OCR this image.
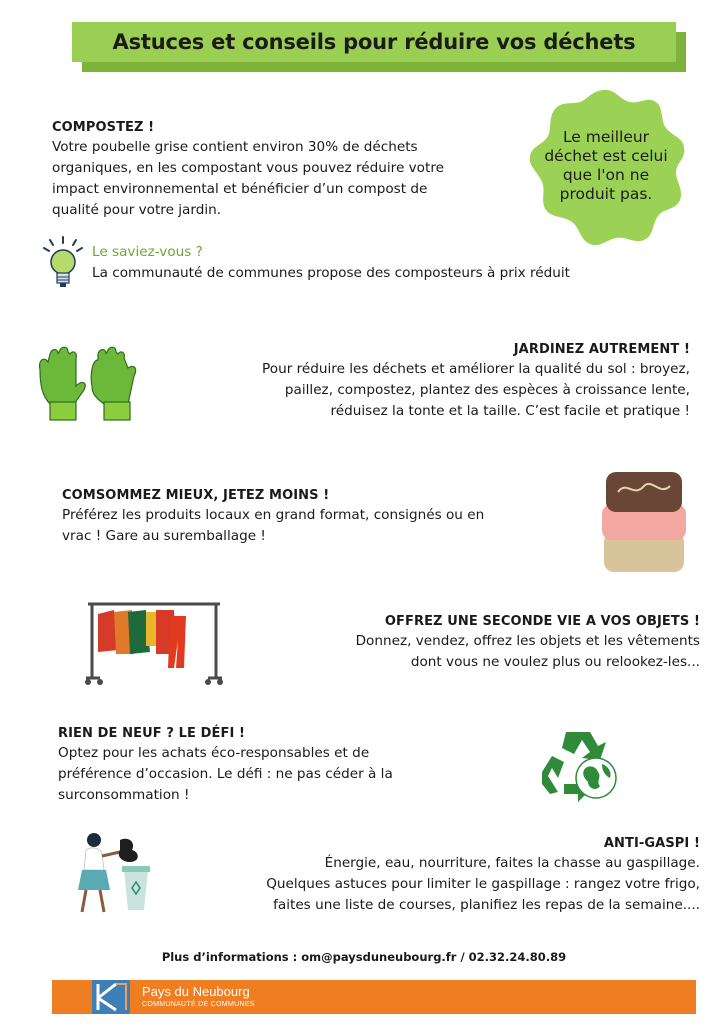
Astuces et conseils pour réduire vos déchets
Le meilleur
déchet est celui
que l'on ne
produit pas.
COMPOSTEZ !
Votre poubelle grise contient environ 30% de déchets
organiques, en les compostant vous pouvez réduire votre
impact environnemental et bénéficier d’un compost de
qualité pour votre jardin.
Le saviez-vous ?
La communauté de communes propose des composteurs à prix réduit
JARDINEZ AUTREMENT !
Pour réduire les déchets et améliorer la qualité du sol : broyez,
paillez, compostez, plantez des espèces à croissance lente,
réduisez la tonte et la taille. C’est facile et pratique !
COMSOMMEZ MIEUX, JETEZ MOINS !
Préférez les produits locaux en grand format, consignés ou en
vrac ! Gare au suremballage !
OFFREZ UNE SECONDE VIE A VOS OBJETS !
Donnez, vendez, offrez les objets et les vêtements
dont vous ne voulez plus ou relookez-les...
RIEN DE NEUF ? LE DÉFI !
Optez pour les achats éco-responsables et de
préférence d’occasion. Le défi : ne pas céder à la
surconsommation !
ANTI-GASPI !
Énergie, eau, nourriture, faites la chasse au gaspillage.
Quelques astuces pour limiter le gaspillage : rangez votre frigo,
faites une liste de courses, planifiez les repas de la semaine....
Plus d’informations : om@paysduneubourg.fr / 02.32.24.80.89
Pays du Neubourg
COMMUNAUTÉ DE COMMUNES
